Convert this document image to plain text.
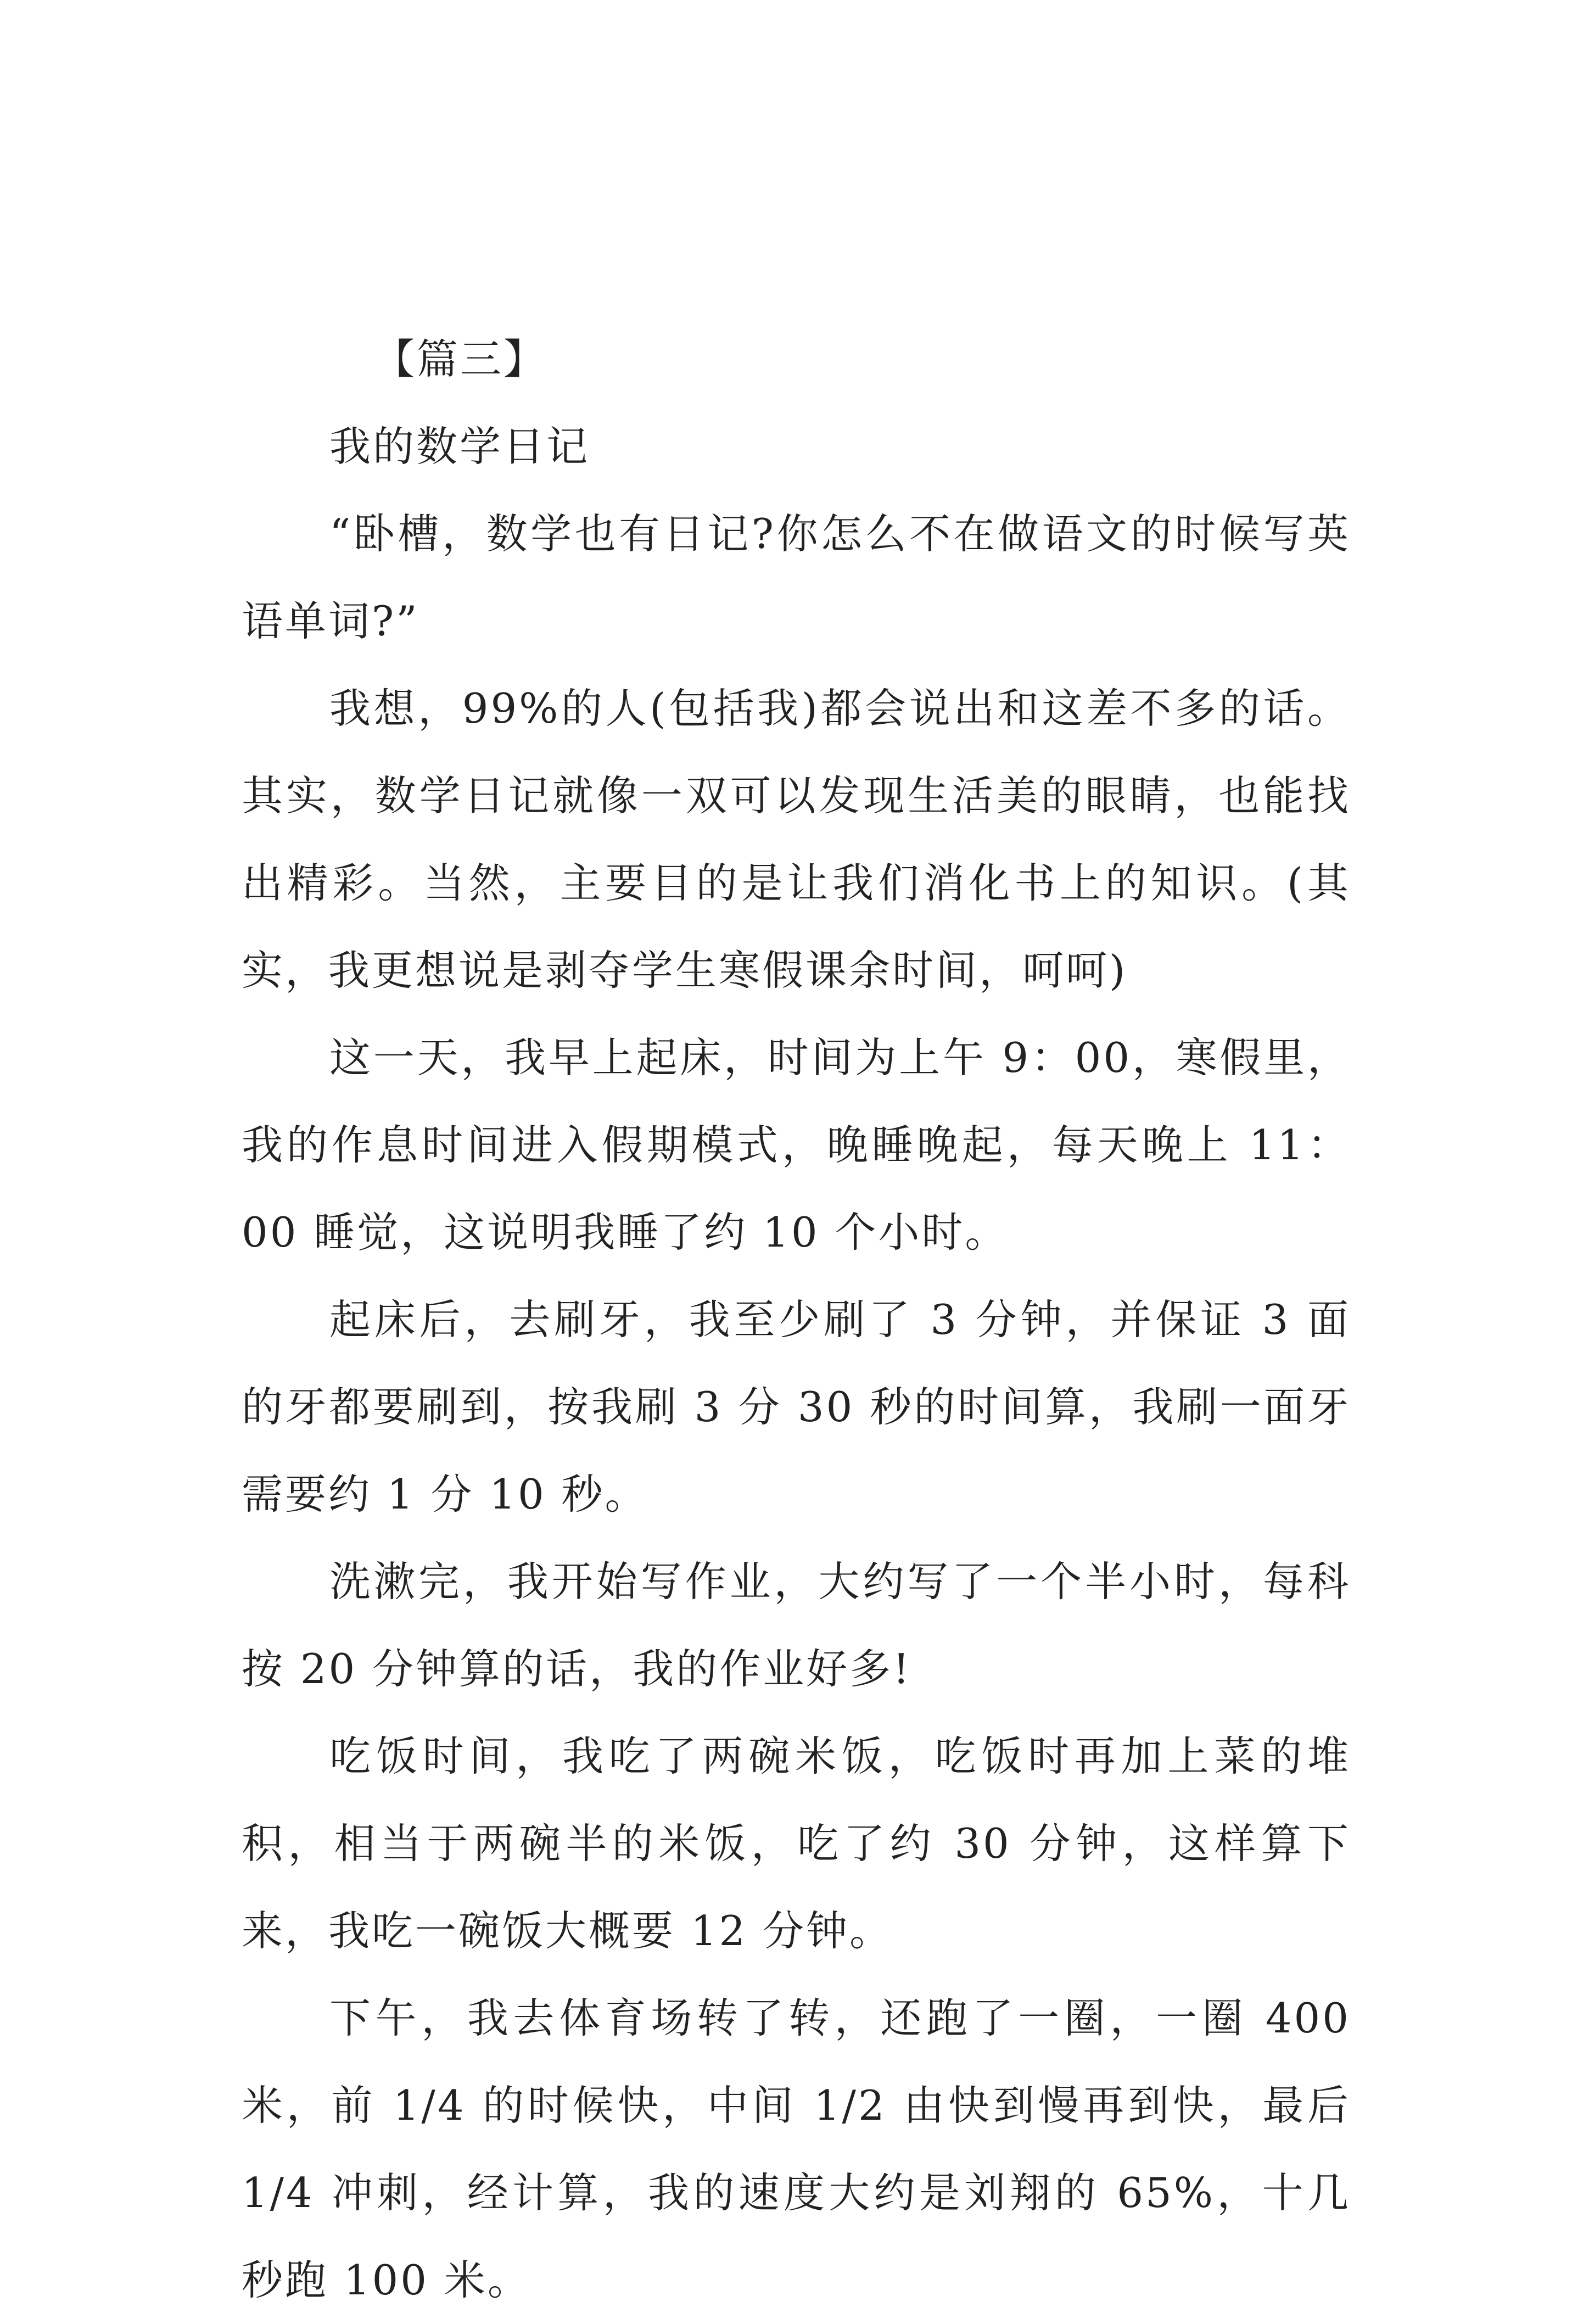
【篇三】

我的数学日记

“卧槽，数学也有日记?你怎么不在做语文的时候写英语单词?”

我想，99%的人(包括我)都会说出和这差不多的话。其实，数学日记就像一双可以发现生活美的眼睛，也能找出精彩。当然，主要目的是让我们消化书上的知识。(其实，我更想说是剥夺学生寒假课余时间，呵呵)

这一天，我早上起床，时间为上午 9：00，寒假里，我的作息时间进入假期模式，晚睡晚起，每天晚上 11：00 睡觉，这说明我睡了约 10 个小时。

起床后，去刷牙，我至少刷了 3 分钟，并保证 3 面的牙都要刷到，按我刷 3 分 30 秒的时间算，我刷一面牙需要约 1 分 10 秒。

洗漱完，我开始写作业，大约写了一个半小时，每科按 20 分钟算的话，我的作业好多!

吃饭时间，我吃了两碗米饭，吃饭时再加上菜的堆积，相当于两碗半的米饭，吃了约 30 分钟，这样算下来，我吃一碗饭大概要 12 分钟。

下午，我去体育场转了转，还跑了一圈，一圈 400 米，前 1/4 的时候快，中间 1/2 由快到慢再到快，最后 1/4 冲刺，经计算，我的速度大约是刘翔的 65%，十几秒跑 100 米。
